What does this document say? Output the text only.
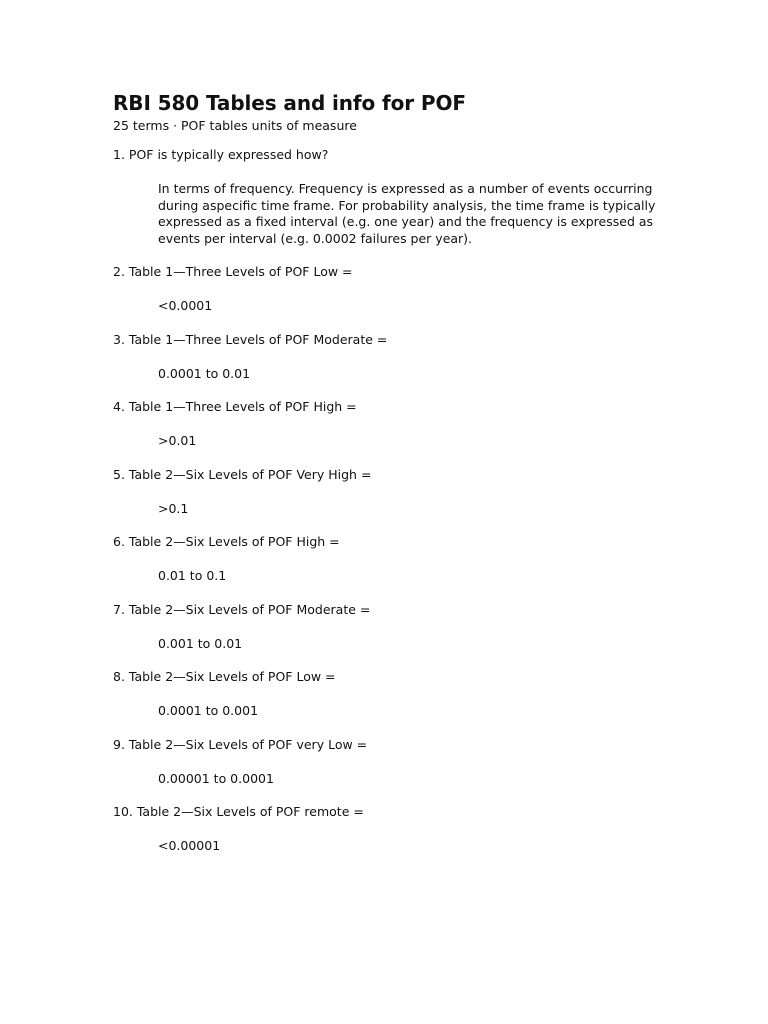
RBI 580 Tables and info for POF
25 terms · POF tables units of measure
1. POF is typically expressed how?
In terms of frequency. Frequency is expressed as a number of events occurring during aspecific time frame. For probability analysis, the time frame is typically expressed as a fixed interval (e.g. one year) and the frequency is expressed as events per interval (e.g. 0.0002 failures per year).
2. Table 1—Three Levels of POF Low =
<0.0001
3. Table 1—Three Levels of POF Moderate =
0.0001 to 0.01
4. Table 1—Three Levels of POF High =
>0.01
5. Table 2—Six Levels of POF Very High =
>0.1
6. Table 2—Six Levels of POF High =
0.01 to 0.1
7. Table 2—Six Levels of POF Moderate =
0.001 to 0.01
8. Table 2—Six Levels of POF Low =
0.0001 to 0.001
9. Table 2—Six Levels of POF very Low =
0.00001 to 0.0001
10. Table 2—Six Levels of POF remote =
<0.00001
